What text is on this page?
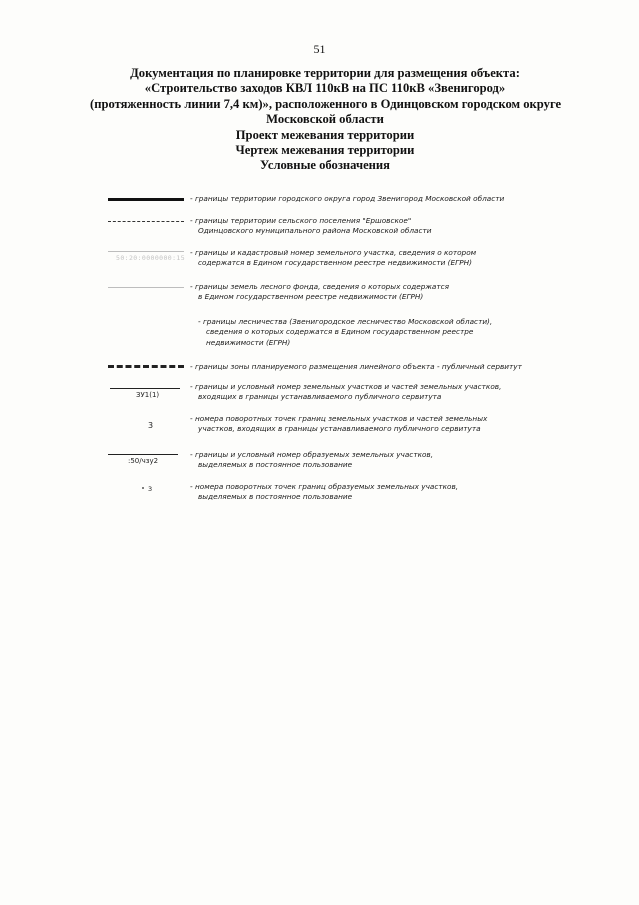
51
Документация по планировке территории для размещения объекта:
«Строительство заходов КВЛ 110кВ на ПС 110кВ «Звенигород»
(протяженность линии 7,4 км)», расположенного в Одинцовском городском округе
Московской области
Проект межевания территории
Чертеж межевания территории
Условные обозначения
- границы территории городского округа город Звенигород Московской области
- границы территории сельского поселения "Ершовское"
Одинцовского муниципального района Московской области
50:20:0000000:15
- границы и кадастровый номер земельного участка, сведения о котором
содержатся в Едином государственном реестре недвижимости (ЕГРН)
- границы земель лесного фонда, сведения о которых содержатся
в Едином государственном реестре недвижимости (ЕГРН)
- границы лесничества (Звенигородское лесничество Московской области),
сведения о которых содержатся в Едином государственном реестре
недвижимости (ЕГРН)
- границы зоны планируемого размещения линейного объекта - публичный сервитут
ЗУ1(1)
- границы и условный номер земельных участков и частей земельных участков,
входящих в границы устанавливаемого публичного сервитута
3
- номера поворотных точек границ земельных участков и частей земельных
участков, входящих в границы устанавливаемого публичного сервитута
:50/чзу2
- границы и условный номер образуемых земельных участков,
выделяемых в постоянное пользование
3	- номера поворотных точек границ образуемых земельных участков,
выделяемых в постоянное пользование
